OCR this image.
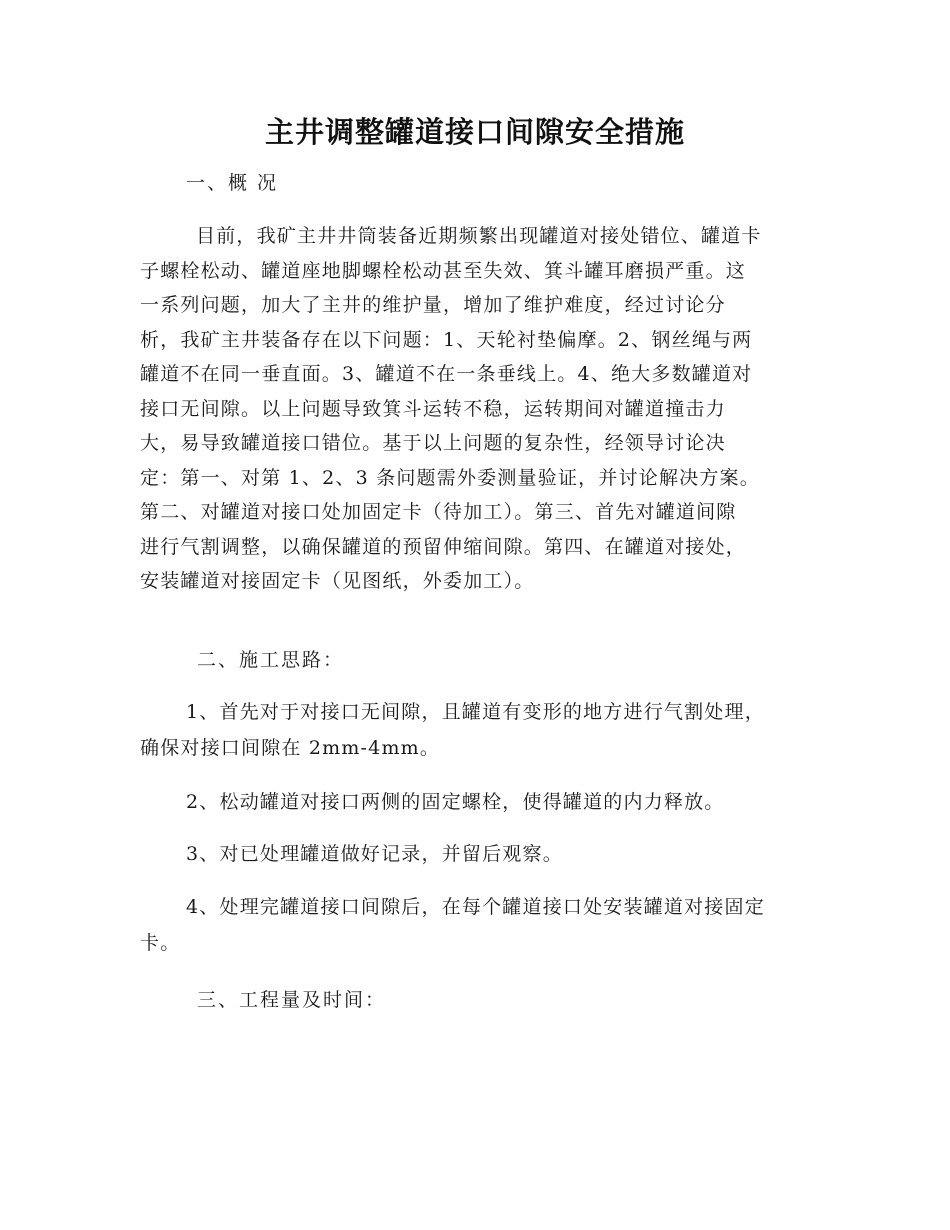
主井调整罐道接口间隙安全措施
一、概 况
目前，我矿主井井筒装备近期频繁出现罐道对接处错位、罐道卡
子螺栓松动、罐道座地脚螺栓松动甚至失效、箕斗罐耳磨损严重。这
一系列问题，加大了主井的维护量，增加了维护难度，经过讨论分
析，我矿主井装备存在以下问题：1、天轮衬垫偏摩。2、钢丝绳与两
罐道不在同一垂直面。3、罐道不在一条垂线上。4、绝大多数罐道对
接口无间隙。以上问题导致箕斗运转不稳，运转期间对罐道撞击力
大，易导致罐道接口错位。基于以上问题的复杂性，经领导讨论决
定：第一、对第 1、2、3 条问题需外委测量验证，并讨论解决方案。
第二、对罐道对接口处加固定卡（待加工）。第三、首先对罐道间隙
进行气割调整，以确保罐道的预留伸缩间隙。第四、在罐道对接处，
安装罐道对接固定卡（见图纸，外委加工）。
二、施工思路：
1、首先对于对接口无间隙，且罐道有变形的地方进行气割处理，
确保对接口间隙在 2mm-4mm。
2、松动罐道对接口两侧的固定螺栓，使得罐道的内力释放。
3、对已处理罐道做好记录，并留后观察。
4、处理完罐道接口间隙后，在每个罐道接口处安装罐道对接固定
卡。
三、工程量及时间：
